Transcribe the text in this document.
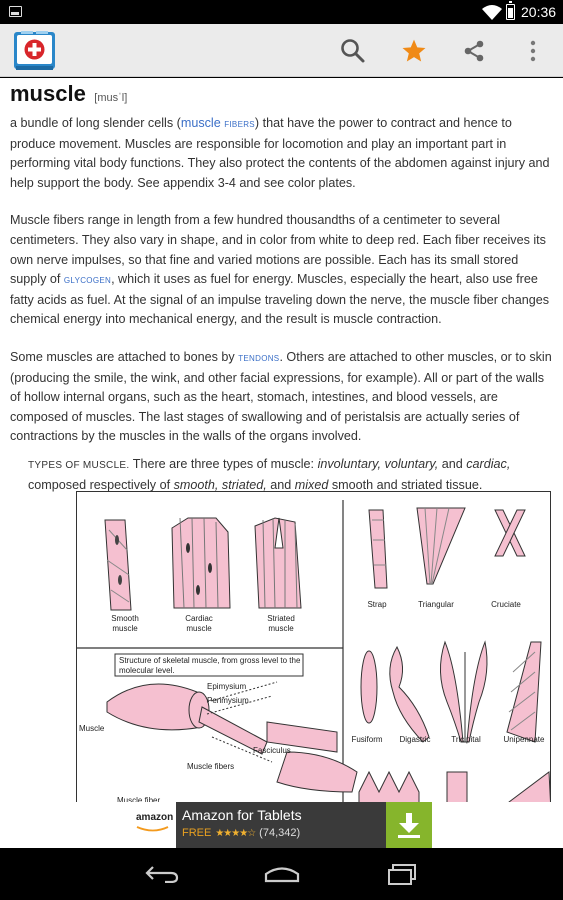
20:36
muscle [musˈl]

a bundle of long slender cells (muscle FIBERS) that have the power to contract and hence to produce movement. Muscles are responsible for locomotion and play an important part in performing vital body functions. They also protect the contents of the abdomen against injury and help support the body. See appendix 3-4 and see color plates.

Muscle fibers range in length from a few hundred thousandths of a centimeter to several centimeters. They also vary in shape, and in color from white to deep red. Each fiber receives its own nerve impulses, so that fine and varied motions are possible. Each has its small stored supply of GLYCOGEN, which it uses as fuel for energy. Muscles, especially the heart, also use free fatty acids as fuel. At the signal of an impulse traveling down the nerve, the muscle fiber changes chemical energy into mechanical energy, and the result is muscle contraction.

Some muscles are attached to bones by TENDONS. Others are attached to other muscles, or to skin (producing the smile, the wink, and other facial expressions, for example). All or part of the walls of hollow internal organs, such as the heart, stomach, intestines, and blood vessels, are composed of muscles. The last stages of swallowing and of peristalsis are actually series of contractions by the muscles in the walls of the organs involved.

TYPES OF MUSCLE. There are three types of muscle: involuntary, voluntary, and cardiac, composed respectively of smooth, striated, and mixed smooth and striated tissue.

Smooth muscle
Cardiac muscle
Striated muscle
Structure of skeletal muscle, from gross level to the molecular level.
Epimysium
Perimysium
Muscle
Fasciculus
Muscle fibers
Muscle fiber
Strap	Triangular	Cruciate
Fusiform	Digastric	Tricipital	Unipennate
amazon Amazon for Tablets
FREE ★★★★☆ (74,342)
